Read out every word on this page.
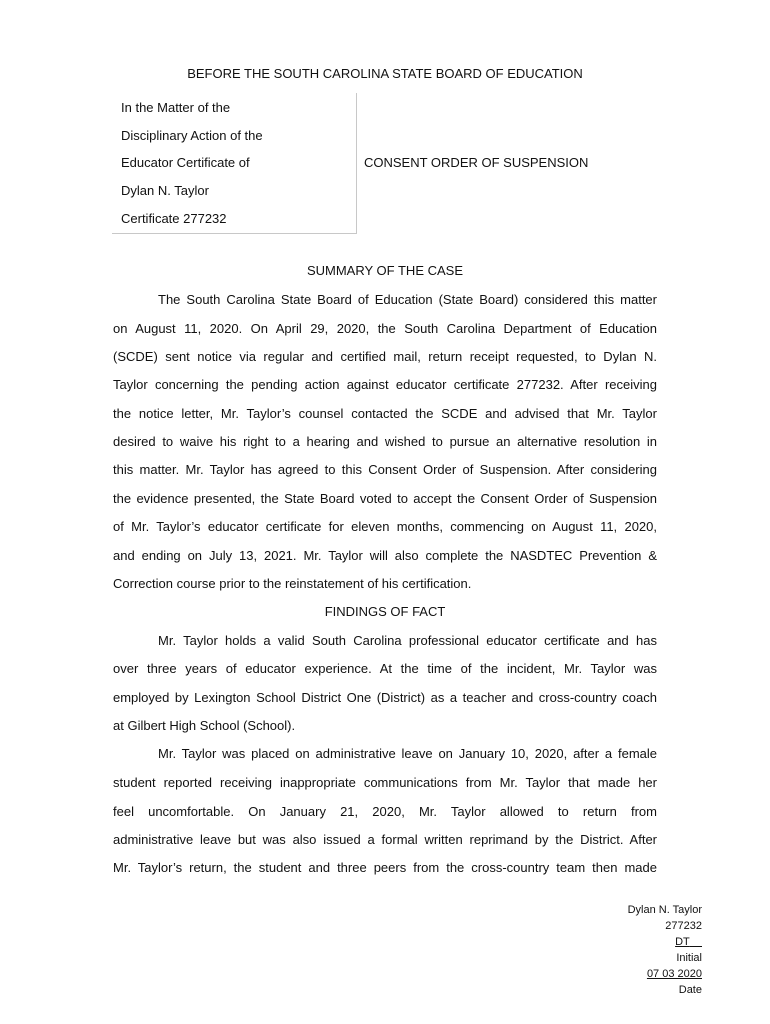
BEFORE THE SOUTH CAROLINA STATE BOARD OF EDUCATION
In the Matter of the
Disciplinary Action of the
Educator Certificate of
Dylan N. Taylor
Certificate 277232
CONSENT ORDER OF SUSPENSION
SUMMARY OF THE CASE
The South Carolina State Board of Education (State Board) considered this matter
on August 11, 2020. On April 29, 2020, the South Carolina Department of Education
(SCDE) sent notice via regular and certified mail, return receipt requested, to Dylan N.
Taylor concerning the pending action against educator certificate 277232. After receiving
the notice letter, Mr. Taylor’s counsel contacted the SCDE and advised that Mr. Taylor
desired to waive his right to a hearing and wished to pursue an alternative resolution in
this matter. Mr. Taylor has agreed to this Consent Order of Suspension. After considering
the evidence presented, the State Board voted to accept the Consent Order of Suspension
of Mr. Taylor’s educator certificate for eleven months, commencing on August 11, 2020,
and ending on July 13, 2021. Mr. Taylor will also complete the NASDTEC Prevention &
Correction course prior to the reinstatement of his certification.
FINDINGS OF FACT
Mr. Taylor holds a valid South Carolina professional educator certificate and has
over three years of educator experience. At the time of the incident, Mr. Taylor was
employed by Lexington School District One (District) as a teacher and cross-country coach
at Gilbert High School (School).
Mr. Taylor was placed on administrative leave on January 10, 2020, after a female
student reported receiving inappropriate communications from Mr. Taylor that made her
feel uncomfortable. On January 21, 2020, Mr. Taylor allowed to return from
administrative leave but was also issued a formal written reprimand by the District. After
Mr. Taylor’s return, the student and three peers from the cross-country team then made
Dylan N. Taylor
277232
DT
Initial
07 03 2020
Date
